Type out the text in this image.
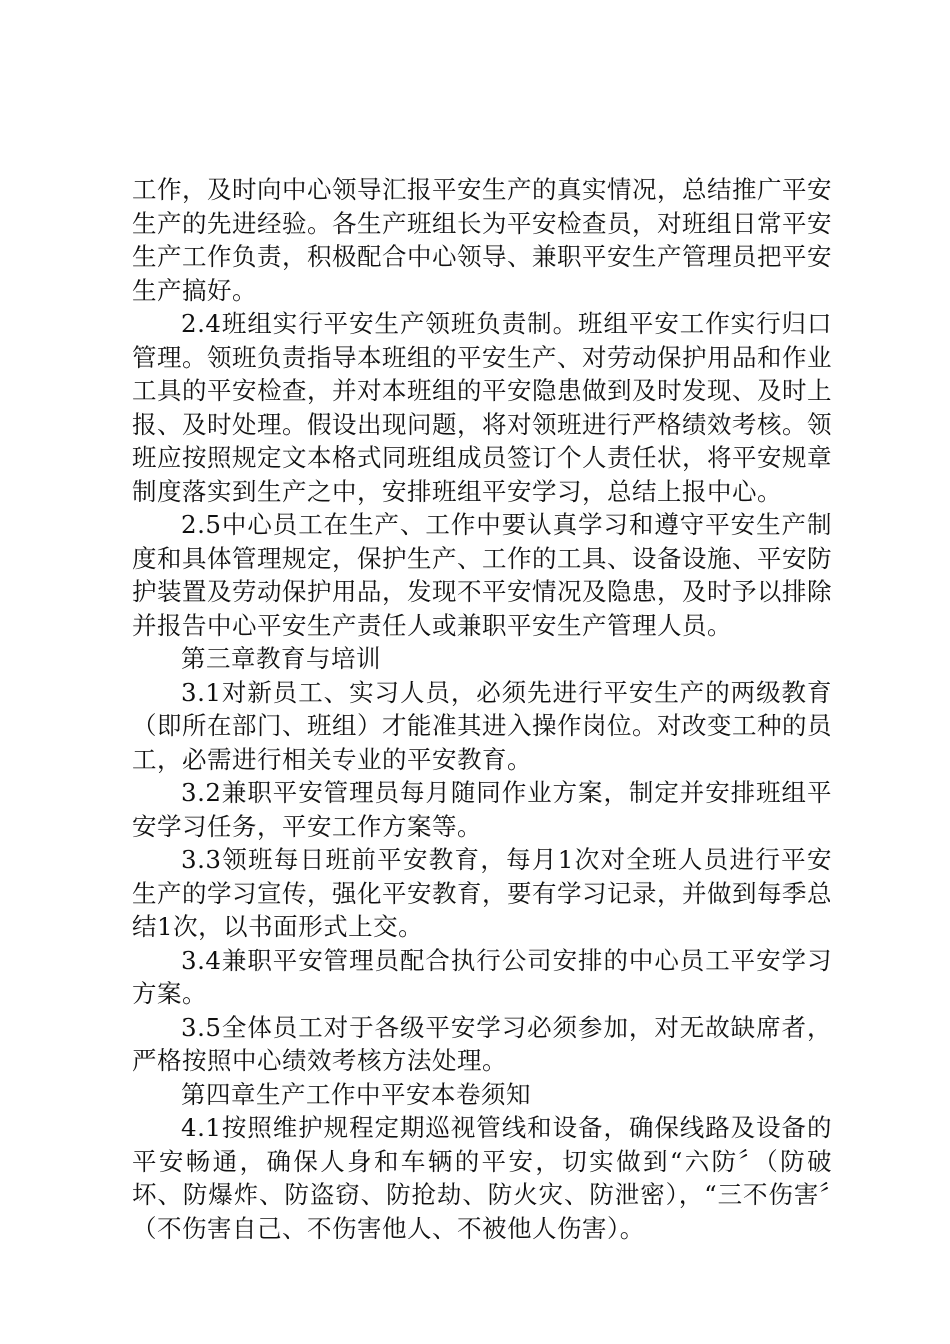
工作，及时向中心领导汇报平安生产的真实情况，总结推广平安生产的先进经验。各生产班组长为平安检查员，对班组日常平安生产工作负责，积极配合中心领导、兼职平安生产管理员把平安生产搞好。

2.4班组实行平安生产领班负责制。班组平安工作实行归口管理。领班负责指导本班组的平安生产、对劳动保护用品和作业工具的平安检查，并对本班组的平安隐患做到及时发现、及时上报、及时处理。假设出现问题，将对领班进行严格绩效考核。领班应按照规定文本格式同班组成员签订个人责任状，将平安规章制度落实到生产之中，安排班组平安学习，总结上报中心。

2.5中心员工在生产、工作中要认真学习和遵守平安生产制度和具体管理规定，保护生产、工作的工具、设备设施、平安防护装置及劳动保护用品，发现不平安情况及隐患，及时予以排除并报告中心平安生产责任人或兼职平安生产管理人员。

第三章教育与培训

3.1对新员工、实习人员，必须先进行平安生产的两级教育（即所在部门、班组）才能准其进入操作岗位。对改变工种的员工，必需进行相关专业的平安教育。

3.2兼职平安管理员每月随同作业方案，制定并安排班组平安学习任务，平安工作方案等。

3.3领班每日班前平安教育，每月1次对全班人员进行平安生产的学习宣传，强化平安教育，要有学习记录，并做到每季总结1次，以书面形式上交。

3.4兼职平安管理员配合执行公司安排的中心员工平安学习方案。

3.5全体员工对于各级平安学习必须参加，对无故缺席者，严格按照中心绩效考核方法处理。

第四章生产工作中平安本卷须知

4.1按照维护规程定期巡视管线和设备，确保线路及设备的平安畅通，确保人身和车辆的平安，切实做到“六防〞（防破坏、防爆炸、防盗窃、防抢劫、防火灾、防泄密），“三不伤害〞（不伤害自己、不伤害他人、不被他人伤害）。
